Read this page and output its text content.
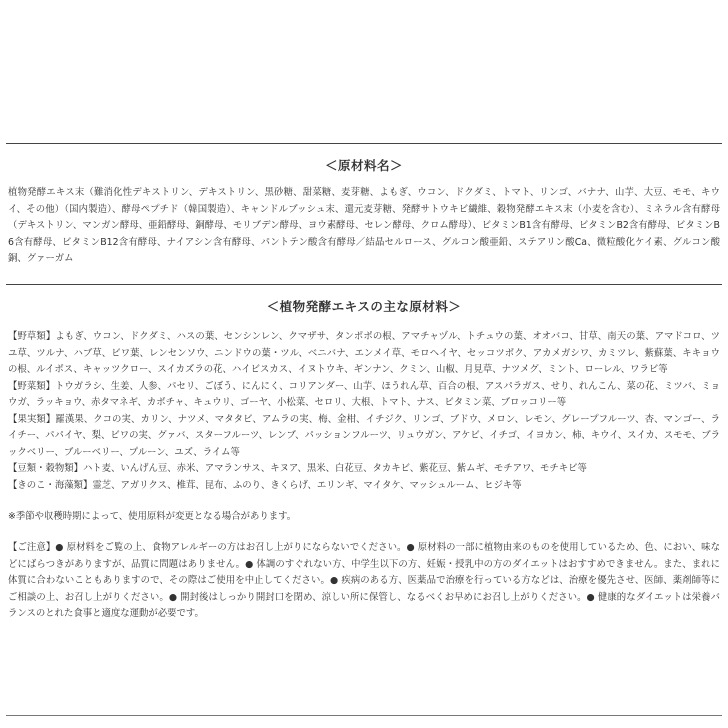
＜原材料名＞

植物発酵エキス末（難消化性デキストリン、デキストリン、黒砂糖、甜菜糖、麦芽糖、よもぎ、ウコン、ドクダミ、トマト、リンゴ、バナナ、山芋、大豆、モモ、キウイ、その他）（国内製造）、酵母ペプチド（韓国製造）、キャンドルブッシュ末、還元麦芽糖、発酵サトウキビ繊維、穀物発酵エキス末（小麦を含む）、ミネラル含有酵母（デキストリン、マンガン酵母、亜鉛酵母、銅酵母、モリブデン酵母、ヨウ素酵母、セレン酵母、クロム酵母）、ビタミンB1含有酵母、ビタミンB2含有酵母、ビタミンB6含有酵母、ビタミンB12含有酵母、ナイアシン含有酵母、パントテン酸含有酵母／結晶セルロース、グルコン酸亜鉛、ステアリン酸Ca、微粒酸化ケイ素、グルコン酸銅、グァーガム

＜植物発酵エキスの主な原材料＞

【野草類】よもぎ、ウコン、ドクダミ、ハスの葉、センシンレン、クマザサ、タンポポの根、アマチャヅル、トチュウの葉、オオバコ、甘草、南天の葉、アマドコロ、ツユ草、ツルナ、ハブ草、ビワ葉、レンセンソウ、ニンドウの葉・ツル、ベニバナ、エンメイ草、モロヘイヤ、セッコツボク、アカメガシワ、カミツレ、紫蘇葉、キキョウの根、ルイボス、キャッツクロー、スイカズラの花、ハイビスカス、イヌトウキ、ギンナン、クミン、山椒、月見草、ナツメグ、ミント、ローレル、ワラビ等

【野菜類】トウガラシ、生姜、人参、パセリ、ごぼう、にんにく、コリアンダー、山芋、ほうれん草、百合の根、アスパラガス、せり、れんこん、菜の花、ミツバ、ミョウガ、ラッキョウ、赤タマネギ、カボチャ、キュウリ、ゴーヤ、小松菜、セロリ、大根、トマト、ナス、ビタミン菜、ブロッコリー等

【果実類】羅漢果、クコの実、カリン、ナツメ、マタタビ、アムラの実、梅、金柑、イチジク、リンゴ、ブドウ、メロン、レモン、グレープフルーツ、杏、マンゴー、ライチー、パパイヤ、梨、ビワの実、グァバ、スターフルーツ、レンブ、パッションフルーツ、リュウガン、アケビ、イチゴ、イヨカン、柿、キウイ、スイカ、スモモ、ブラックベリー、ブルーベリー、プルーン、ユズ、ライム等

【豆類・穀物類】ハト麦、いんげん豆、赤米、アマランサス、キヌア、黒米、白花豆、タカキビ、紫花豆、紫ムギ、モチアワ、モチキビ等

【きのこ・海藻類】霊芝、アガリクス、椎茸、昆布、ふのり、きくらげ、エリンギ、マイタケ、マッシュルーム、ヒジキ等

※季節や収穫時期によって、使用原料が変更となる場合があります。

【ご注意】● 原材料をご覧の上、食物アレルギーの方はお召し上がりにならないでください。● 原材料の一部に植物由来のものを使用しているため、色、におい、味などにばらつきがありますが、品質に問題はありません。● 体調のすぐれない方、中学生以下の方、妊娠・授乳中の方のダイエットはおすすめできません。また、まれに体質に合わないこともありますので、その際はご使用を中止してください。● 疾病のある方、医薬品で治療を行っている方などは、治療を優先させ、医師、薬剤師等にご相談の上、お召し上がりください。● 開封後はしっかり開封口を閉め、涼しい所に保管し、なるべくお早めにお召し上がりください。● 健康的なダイエットは栄養バランスのとれた食事と適度な運動が必要です。
